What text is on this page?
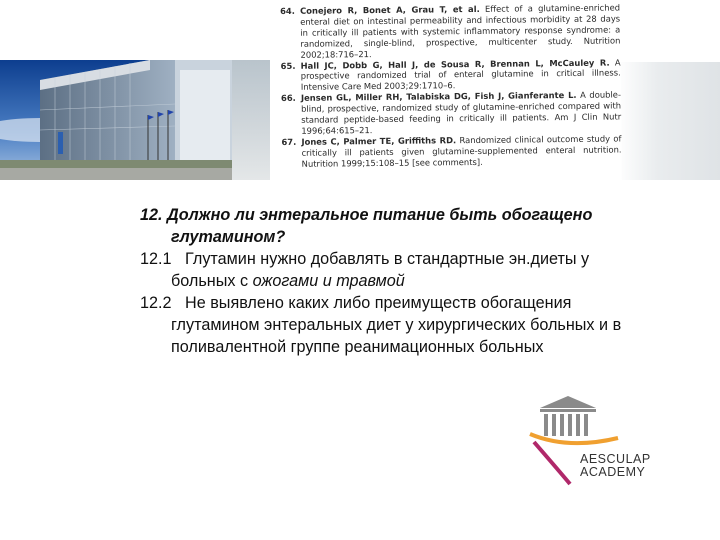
64. Conejero R, Bonet A, Grau T, et al. Effect of a glutamine-enriched enteral diet on intestinal permeability and infectious morbidity at 28 days in critically ill patients with systemic inflammatory response syndrome: a randomized, single-blind, prospective, multicenter study. Nutrition 2002;18:716–21.
65. Hall JC, Dobb G, Hall J, de Sousa R, Brennan L, McCauley R. A prospective randomized trial of enteral glutamine in critical illness. Intensive Care Med 2003;29:1710–6.
66. Jensen GL, Miller RH, Talabiska DG, Fish J, Gianferante L. A double-blind, prospective, randomized study of glutamine-enriched compared with standard peptide-based feeding in critically ill patients. Am J Clin Nutr 1996;64:615–21.
67. Jones C, Palmer TE, Griffiths RD. Randomized clinical outcome study of critically ill patients given glutamine-supplemented enteral nutrition. Nutrition 1999;15:108–15 [see comments].

12. Должно ли энтеральное питание быть обогащено

глутамином?

12.1 Глутамин нужно добавлять в стандартные эн.диеты у

больных с ожогами и травмой

12.2 Не выявлено каких либо преимуществ обогащения

глутамином энтеральных диет у хирургических больных и в

поливалентной группе реанимационных больных

AESCULAP
ACADEMY
